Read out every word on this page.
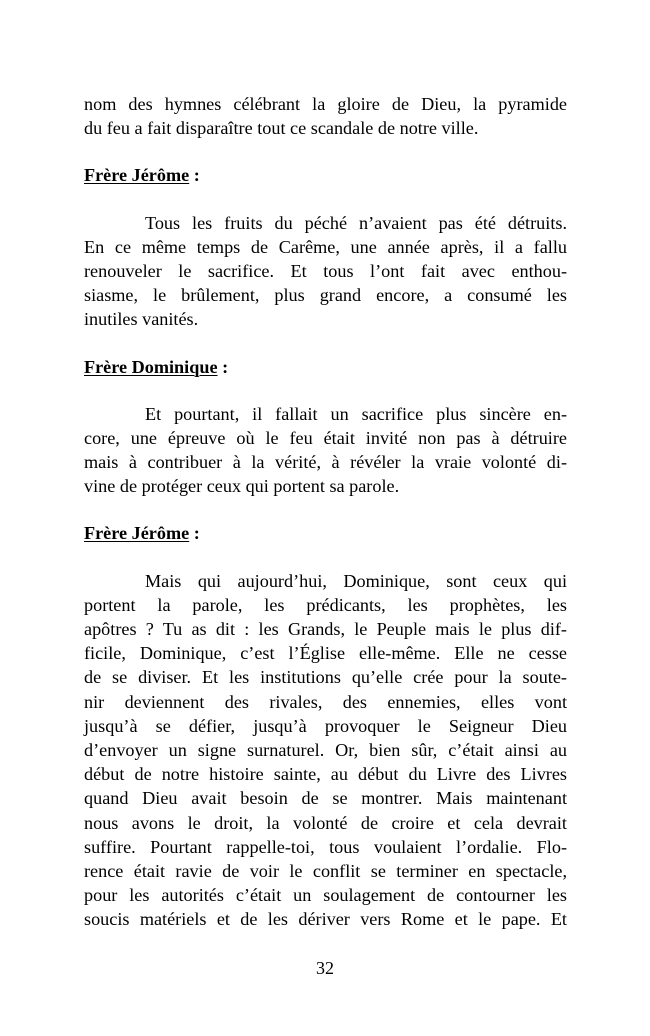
nom des hymnes célébrant la gloire de Dieu, la pyramide
du feu a fait disparaître tout ce scandale de notre ville.
Frère Jérôme :
Tous les fruits du péché n’avaient pas été détruits.
En ce même temps de Carême, une année après, il a fallu
renouveler le sacrifice. Et tous l’ont fait avec enthou-
siasme, le brûlement, plus grand encore, a consumé les
inutiles vanités.
Frère Dominique :
Et pourtant, il fallait un sacrifice plus sincère en-
core, une épreuve où le feu était invité non pas à détruire
mais à contribuer à la vérité, à révéler la vraie volonté di-
vine de protéger ceux qui portent sa parole.
Frère Jérôme :
Mais qui aujourd’hui, Dominique, sont ceux qui
portent la parole, les prédicants, les prophètes, les
apôtres ? Tu as dit : les Grands, le Peuple mais le plus dif-
ficile, Dominique, c’est l’Église elle-même. Elle ne cesse
de se diviser. Et les institutions qu’elle crée pour la soute-
nir deviennent des rivales, des ennemies, elles vont
jusqu’à se défier, jusqu’à provoquer le Seigneur Dieu
d’envoyer un signe surnaturel. Or, bien sûr, c’était ainsi au
début de notre histoire sainte, au début du Livre des Livres
quand Dieu avait besoin de se montrer. Mais maintenant
nous avons le droit, la volonté de croire et cela devrait
suffire. Pourtant rappelle-toi, tous voulaient l’ordalie. Flo-
rence était ravie de voir le conflit se terminer en spectacle,
pour les autorités c’était un soulagement de contourner les
soucis matériels et de les dériver vers Rome et le pape. Et
32
